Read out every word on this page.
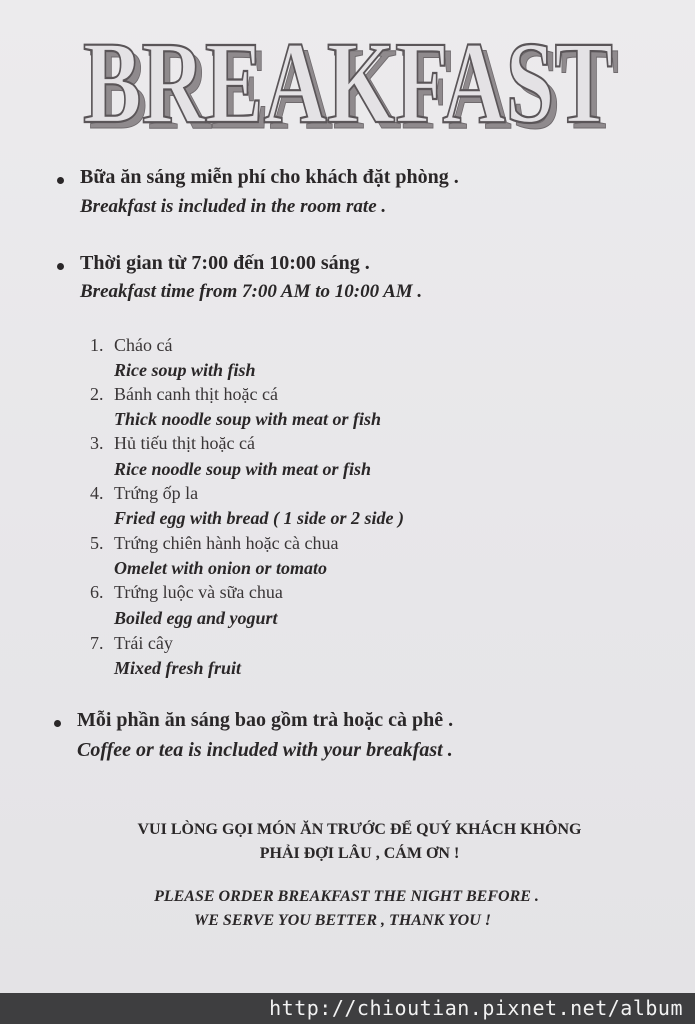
BREAKFAST
BREAKFAST
Bữa ăn sáng miễn phí cho khách đặt phòng .
Breakfast is included in the room rate .
Thời gian từ 7:00 đến 10:00 sáng .
Breakfast time from 7:00 AM to 10:00 AM .
1. Cháo cá
Rice soup with fish
2. Bánh canh thịt hoặc cá
Thick noodle soup with meat or fish
3. Hủ tiếu thịt hoặc cá
Rice noodle soup with meat or fish
4. Trứng ốp la
Fried egg with bread ( 1 side or 2 side )
5. Trứng chiên hành hoặc cà chua
Omelet with onion or tomato
6. Trứng luộc và sữa chua
Boiled egg and yogurt
7. Trái cây
Mixed fresh fruit
Mỗi phần ăn sáng bao gồm trà hoặc cà phê .
Coffee or tea is included with your breakfast .
VUI LÒNG GỌI MÓN ĂN TRƯỚC ĐỂ QUÝ KHÁCH KHÔNG
PHẢI ĐỢI LÂU , CÁM ƠN !
PLEASE ORDER BREAKFAST THE NIGHT BEFORE .
WE SERVE YOU BETTER , THANK YOU !
http://chioutian.pixnet.net/album
